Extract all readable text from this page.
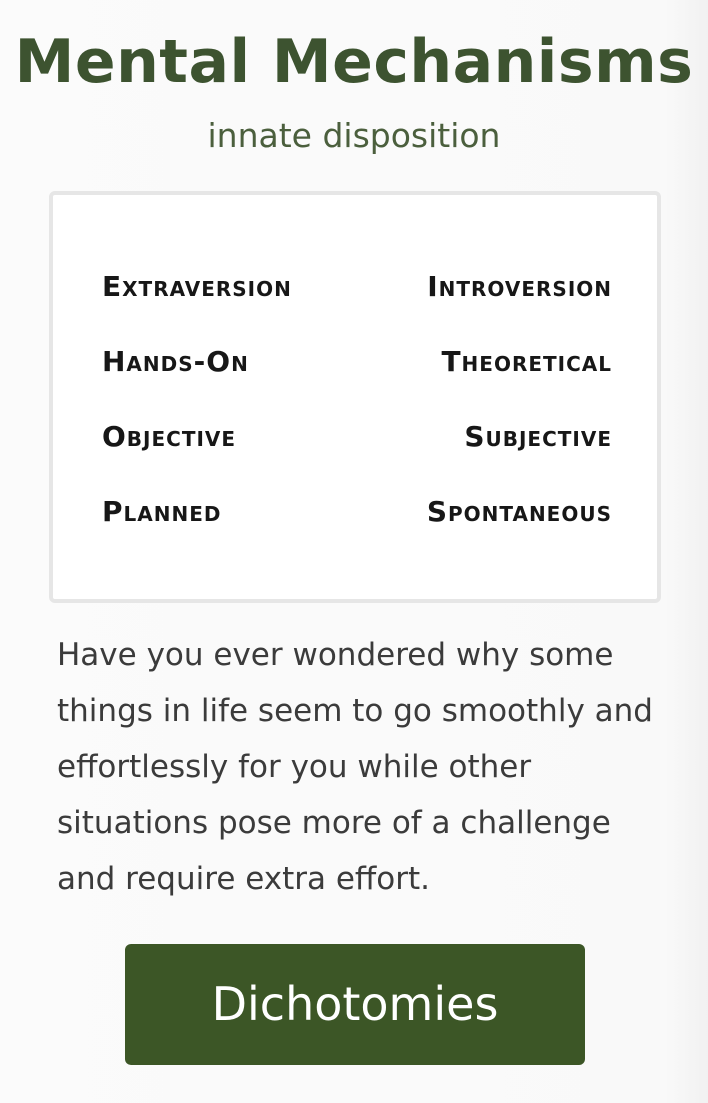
Mental Mechanisms
innate disposition
Extraversion	Introversion
Hands-On	Theoretical
Objective	Subjective
Planned	Spontaneous

Have you ever wondered why some things in life seem to go smoothly and effortlessly for you while other situations pose more of a challenge and require extra effort.

Dichotomies
